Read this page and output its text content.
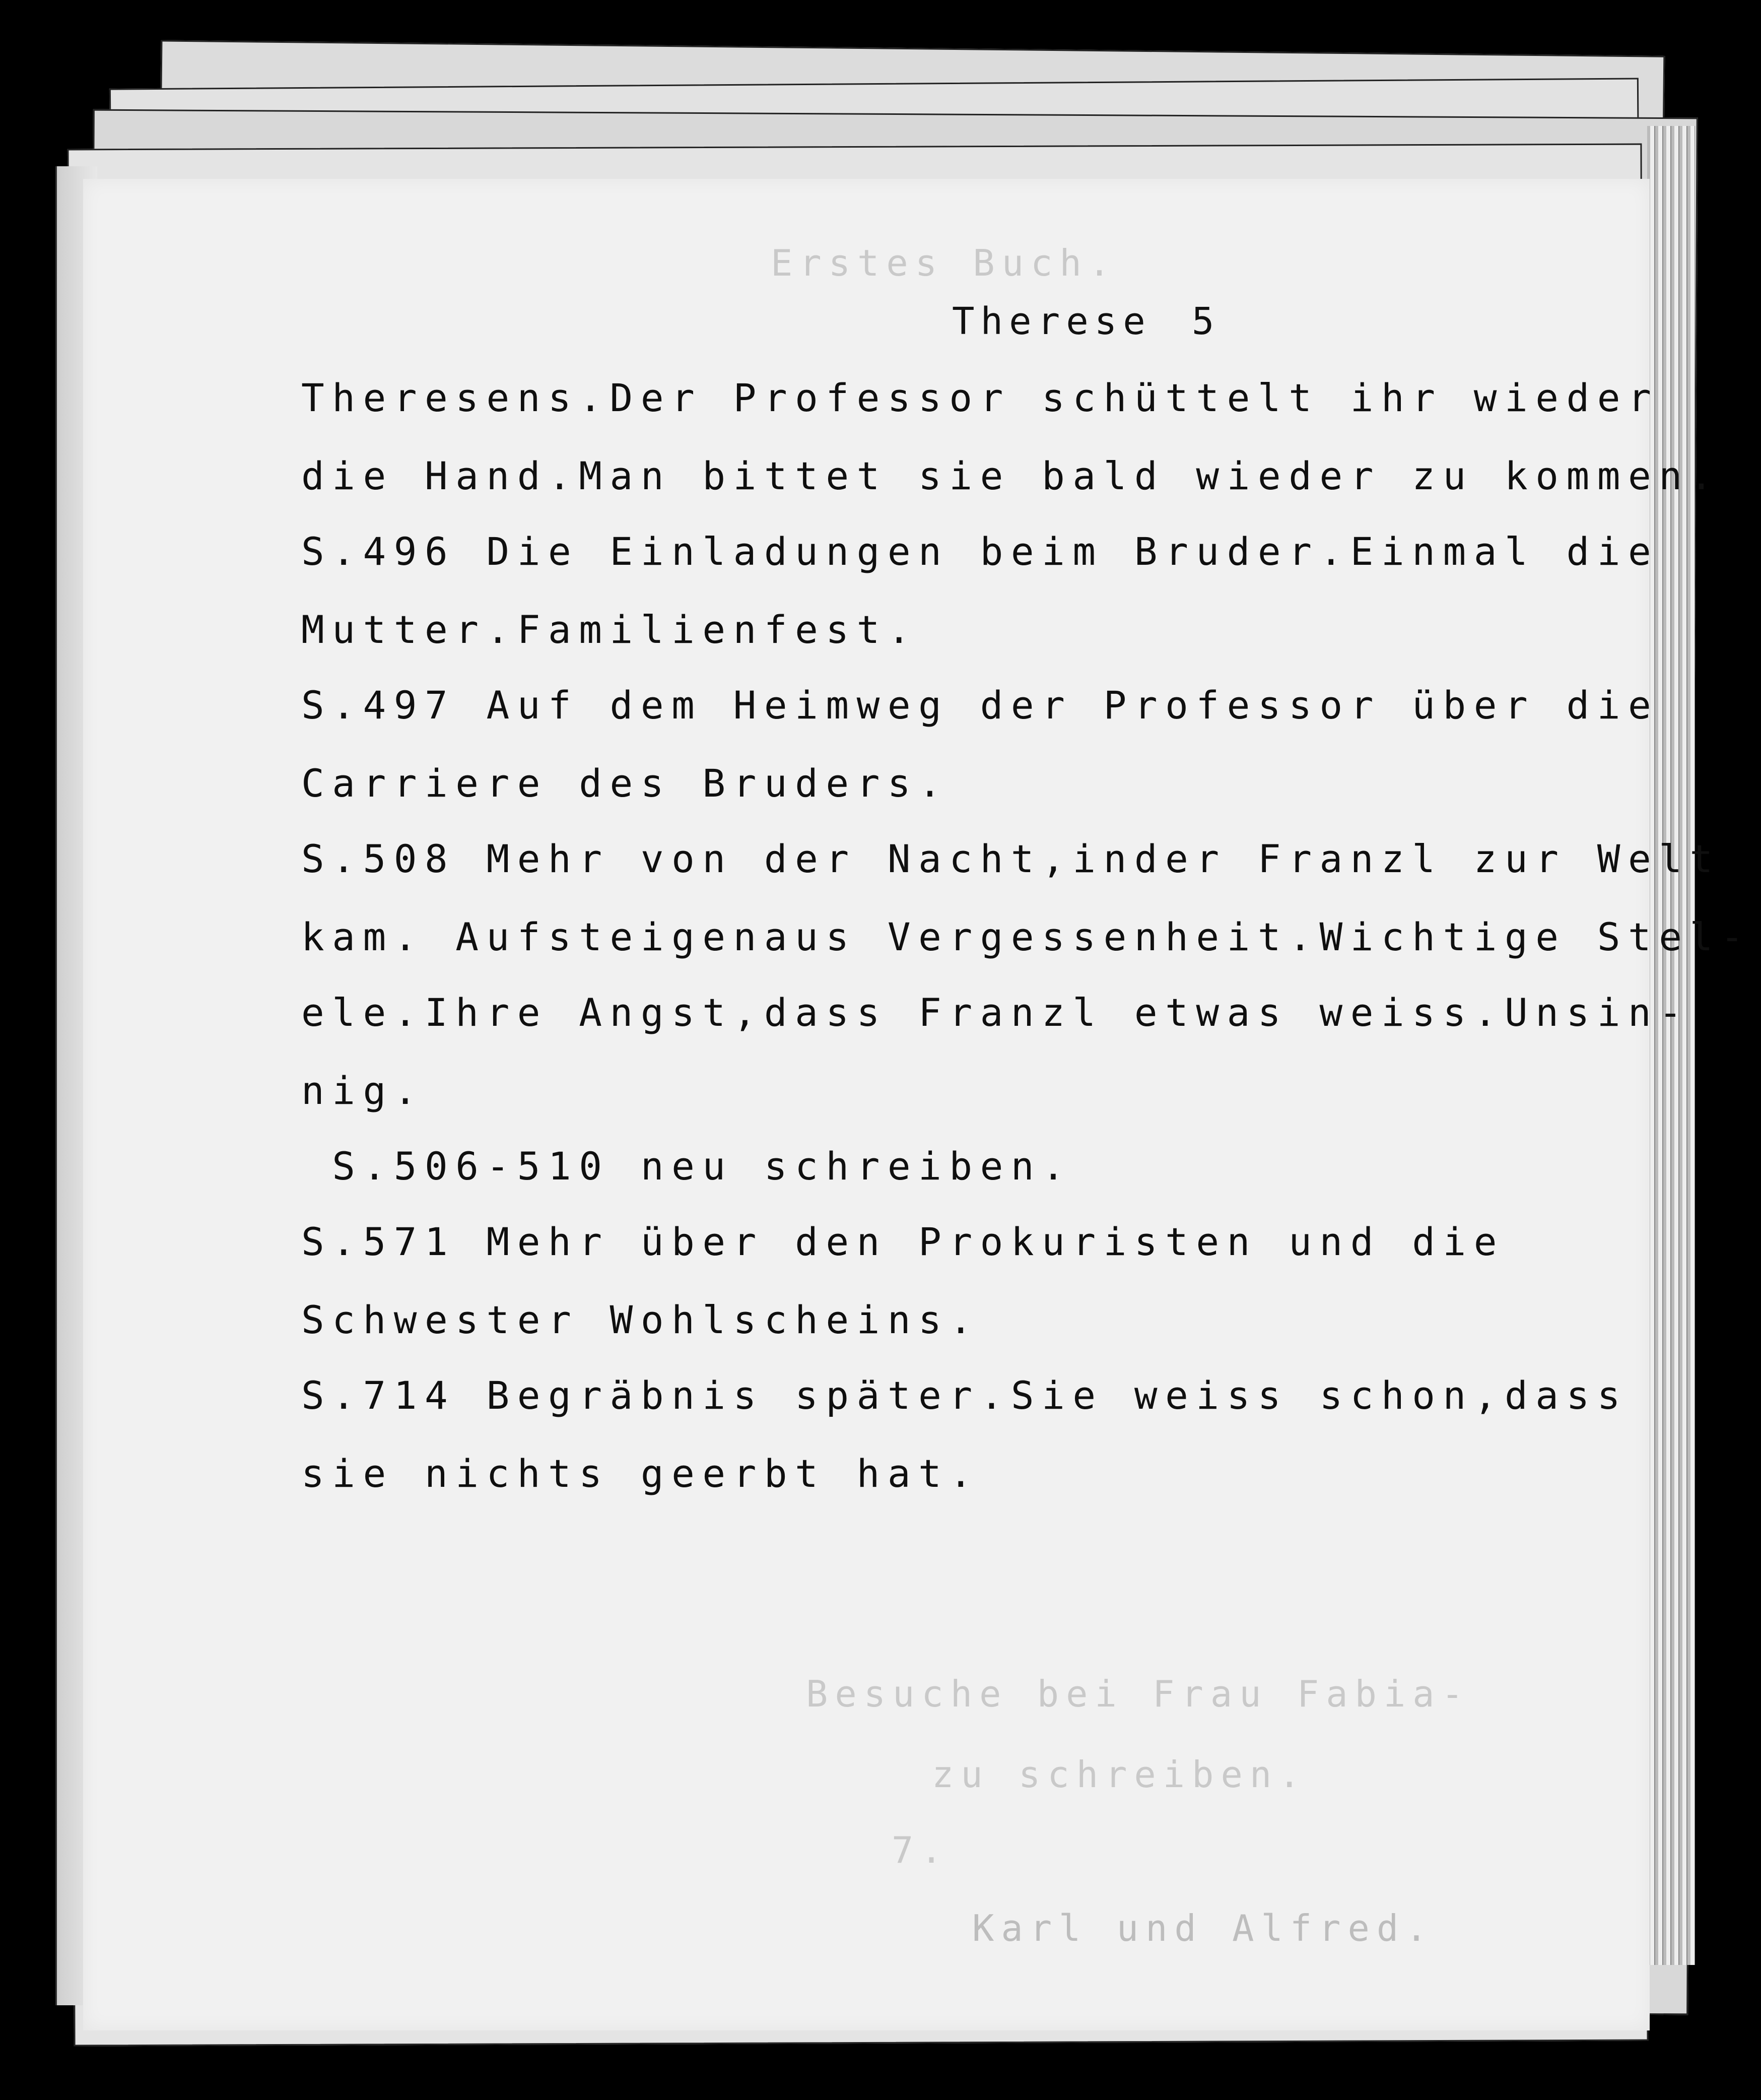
Erstes Buch.
Besuche bei Frau Fabia-
zu schreiben.
7.
Karl und Alfred.
Therese 5
Theresens.Der Professor schüttelt ihr wieder
die Hand.Man bittet sie bald wieder zu kommen.
S.496 Die Einladungen beim Bruder.Einmal die
Mutter.Familienfest.
S.497 Auf dem Heimweg der Professor über die
Carriere des Bruders.
S.508 Mehr von der Nacht,inder Franzl zur Welt
kam. Aufsteigenaus Vergessenheit.Wichtige Stel-
ele.Ihre Angst,dass Franzl etwas weiss.Unsin-
nig.
S.506-510 neu schreiben.
S.571 Mehr über den Prokuristen und die
Schwester Wohlscheins.
S.714 Begräbnis später.Sie weiss schon,dass
sie nichts geerbt hat.
